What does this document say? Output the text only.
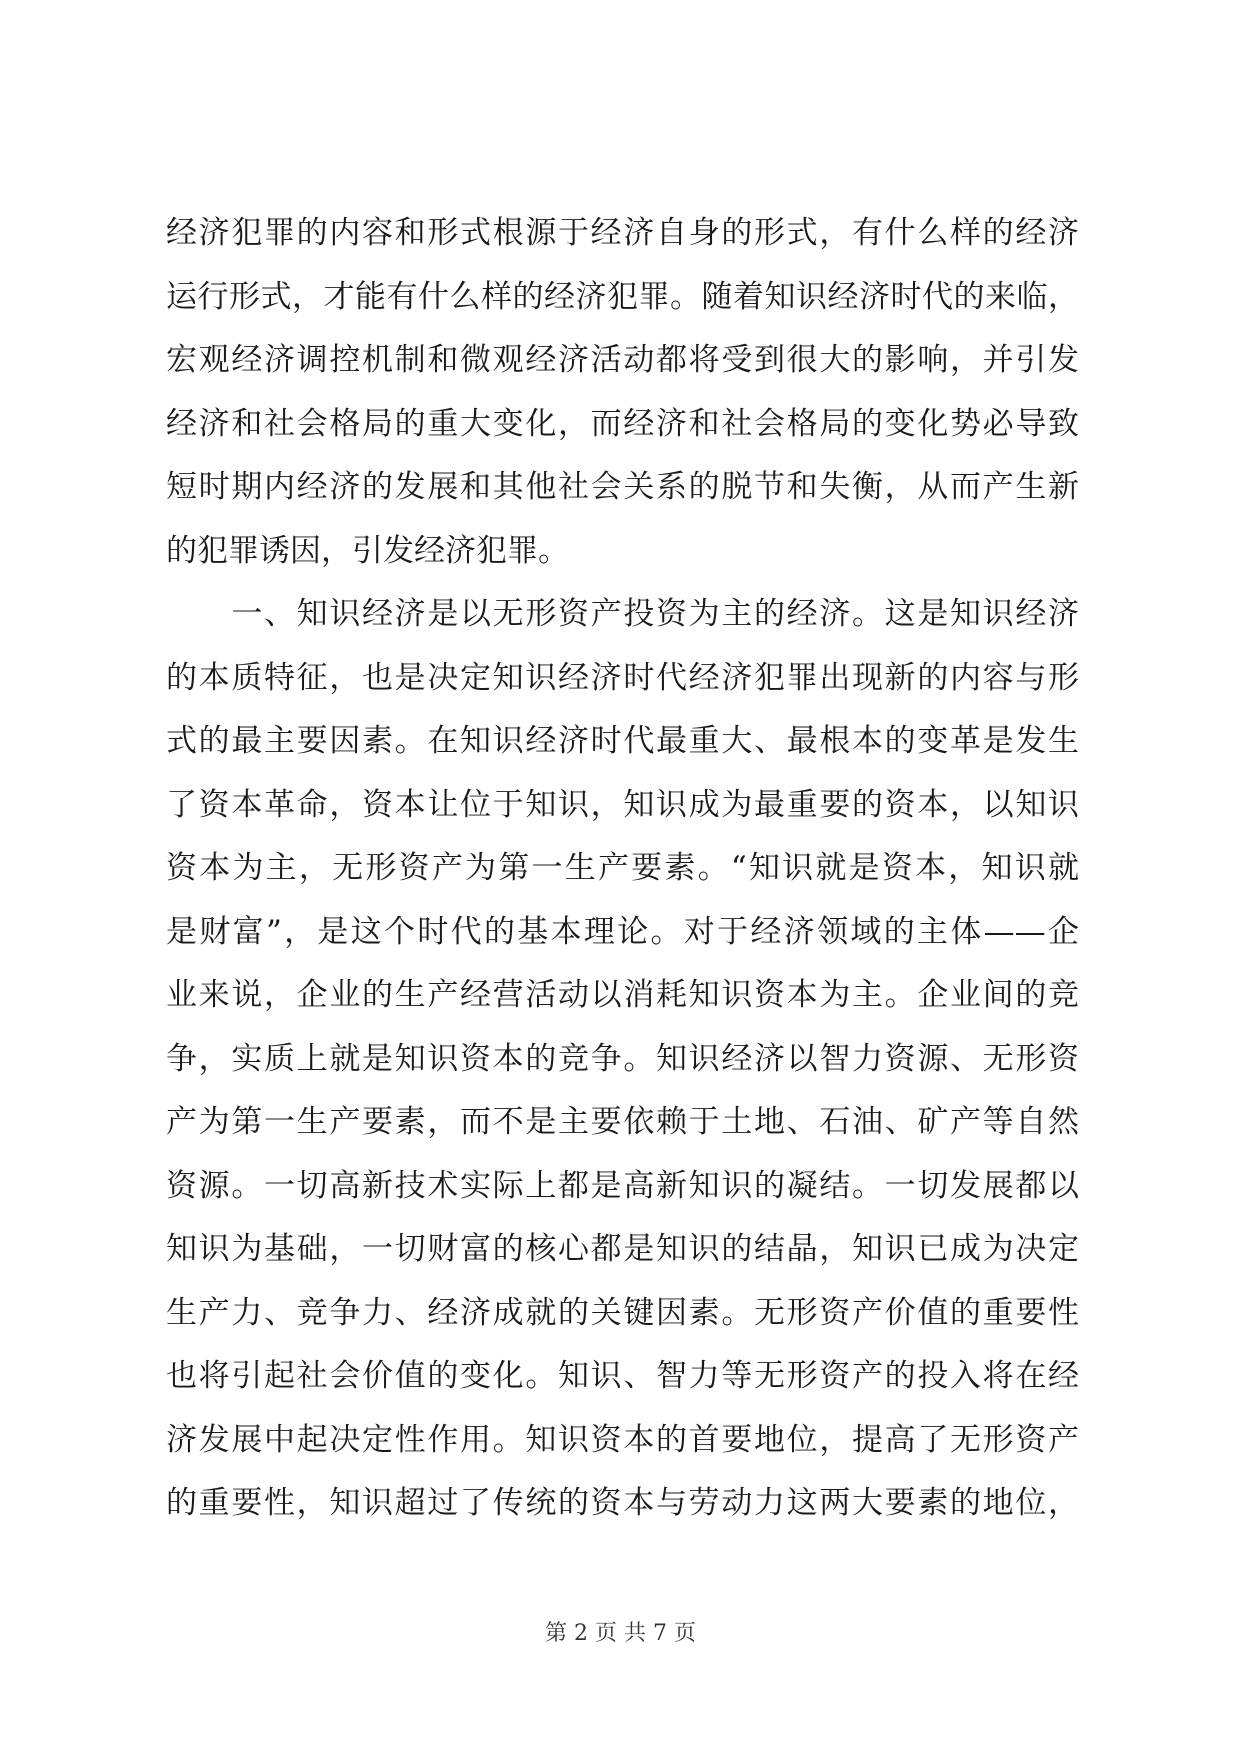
经济犯罪的内容和形式根源于经济自身的形式，有什么样的经济
运行形式，才能有什么样的经济犯罪。随着知识经济时代的来临，
宏观经济调控机制和微观经济活动都将受到很大的影响，并引发
经济和社会格局的重大变化，而经济和社会格局的变化势必导致
短时期内经济的发展和其他社会关系的脱节和失衡，从而产生新
的犯罪诱因，引发经济犯罪。
　　一、知识经济是以无形资产投资为主的经济。这是知识经济
的本质特征，也是决定知识经济时代经济犯罪出现新的内容与形
式的最主要因素。在知识经济时代最重大、最根本的变革是发生
了资本革命，资本让位于知识，知识成为最重要的资本，以知识
资本为主，无形资产为第一生产要素。“知识就是资本，知识就
是财富”，是这个时代的基本理论。对于经济领域的主体——企
业来说，企业的生产经营活动以消耗知识资本为主。企业间的竞
争，实质上就是知识资本的竞争。知识经济以智力资源、无形资
产为第一生产要素，而不是主要依赖于土地、石油、矿产等自然
资源。一切高新技术实际上都是高新知识的凝结。一切发展都以
知识为基础，一切财富的核心都是知识的结晶，知识已成为决定
生产力、竞争力、经济成就的关键因素。无形资产价值的重要性
也将引起社会价值的变化。知识、智力等无形资产的投入将在经
济发展中起决定性作用。知识资本的首要地位，提高了无形资产
的重要性，知识超过了传统的资本与劳动力这两大要素的地位，
第 2 页 共 7 页
